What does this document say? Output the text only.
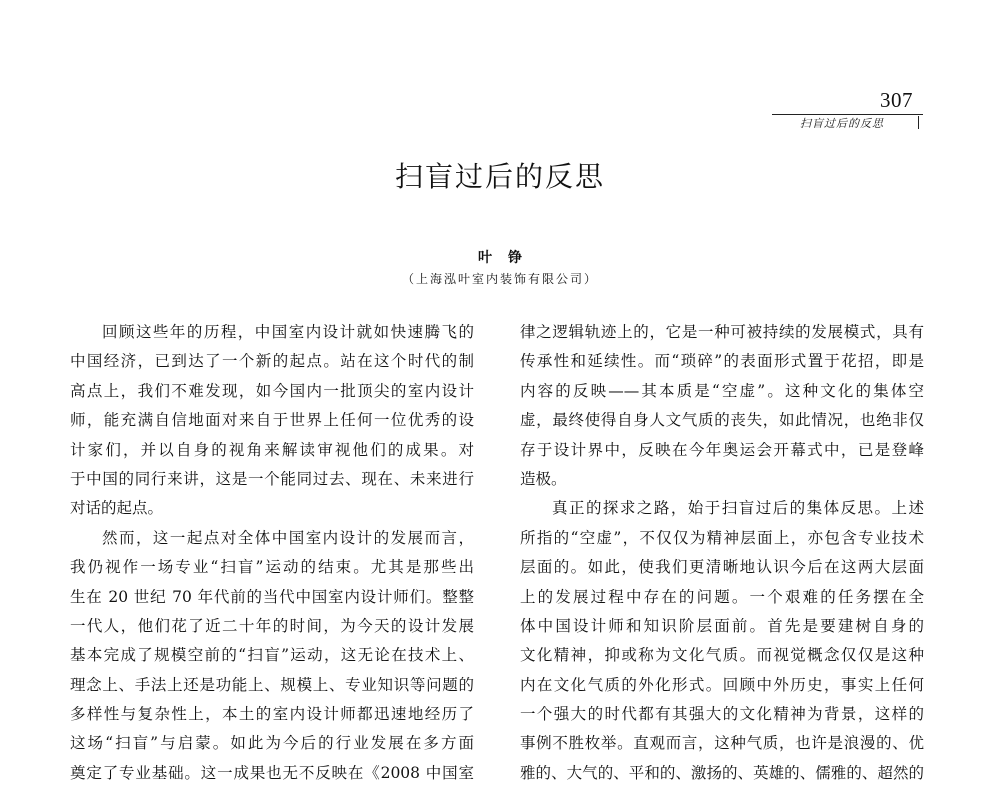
307
扫盲过后的反思
扫盲过后的反思
叶铮
（上海泓叶室内装饰有限公司）
回顾这些年的历程，中国室内设计就如快速腾飞的
中国经济，已到达了一个新的起点。站在这个时代的制
高点上，我们不难发现，如今国内一批顶尖的室内设计
师，能充满自信地面对来自于世界上任何一位优秀的设
计家们，并以自身的视角来解读审视他们的成果。对
于中国的同行来讲，这是一个能同过去、现在、未来进行
对话的起点。
然而，这一起点对全体中国室内设计的发展而言，
我仍视作一场专业“扫盲”运动的结束。尤其是那些出
生在 20 世纪 70 年代前的当代中国室内设计师们。整整
一代人，他们花了近二十年的时间，为今天的设计发展
基本完成了规模空前的“扫盲”运动，这无论在技术上、
理念上、手法上还是功能上、规模上、专业知识等问题的
多样性与复杂性上，本土的室内设计师都迅速地经历了
这场“扫盲”与启蒙。如此为今后的行业发展在多方面
奠定了专业基础。这一成果也无不反映在《2008 中国室
律之逻辑轨迹上的，它是一种可被持续的发展模式，具有
传承性和延续性。而“琐碎”的表面形式置于花招，即是
内容的反映——其本质是“空虚”。这种文化的集体空
虚，最终使得自身人文气质的丧失，如此情况，也绝非仅
存于设计界中，反映在今年奥运会开幕式中，已是登峰
造极。
真正的探求之路，始于扫盲过后的集体反思。上述
所指的“空虚”，不仅仅为精神层面上，亦包含专业技术
层面的。如此，使我们更清晰地认识今后在这两大层面
上的发展过程中存在的问题。一个艰难的任务摆在全
体中国设计师和知识阶层面前。首先是要建树自身的
文化精神，抑或称为文化气质。而视觉概念仅仅是这种
内在文化气质的外化形式。回顾中外历史，事实上任何
一个强大的时代都有其强大的文化精神为背景，这样的
事例不胜枚举。直观而言，这种气质，也许是浪漫的、优
雅的、大气的、平和的、激扬的、英雄的、儒雅的、超然的
